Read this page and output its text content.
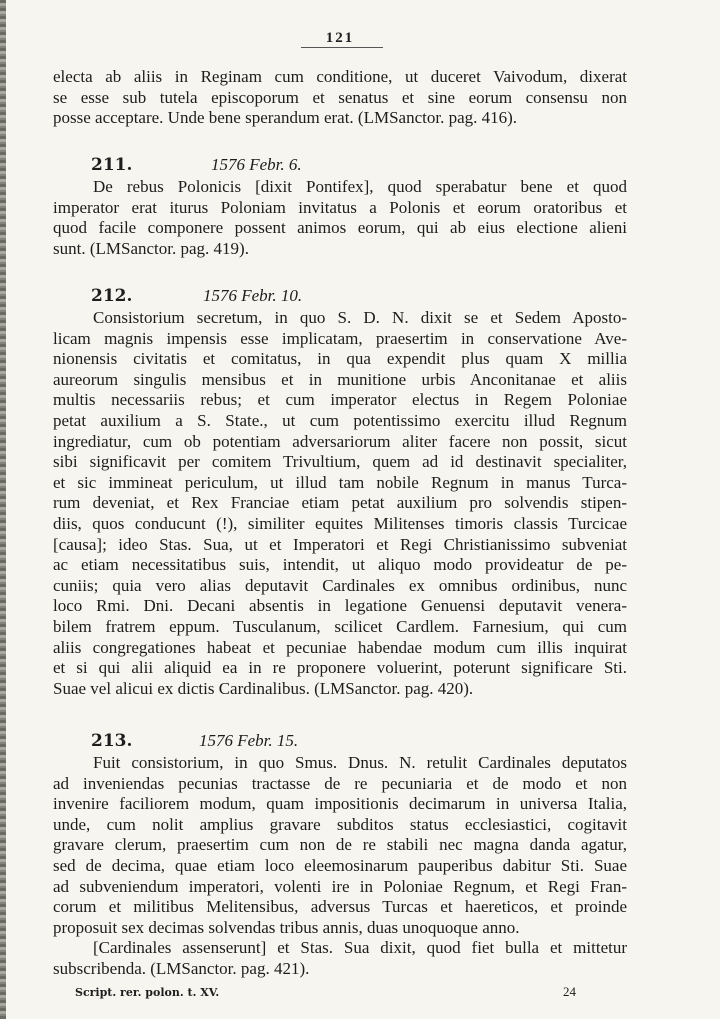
121
electa ab aliis in Reginam cum conditione, ut duceret Vaivodum, dixerat
se esse sub tutela episcoporum et senatus et sine eorum consensu non
posse acceptare. Unde bene sperandum erat. (LMSanctor. pag. 416).
211.	1576 Febr. 6.
De rebus Polonicis [dixit Pontifex], quod sperabatur bene et quod
imperator erat iturus Poloniam invitatus a Polonis et eorum oratoribus et
quod facile componere possent animos eorum, qui ab eius electione alieni
sunt. (LMSanctor. pag. 419).
212.	1576 Febr. 10.
Consistorium secretum, in quo S. D. N. dixit se et Sedem Aposto-
licam magnis impensis esse implicatam, praesertim in conservatione Ave-
nionensis civitatis et comitatus, in qua expendit plus quam X millia
aureorum singulis mensibus et in munitione urbis Anconitanae et aliis
multis necessariis rebus; et cum imperator electus in Regem Poloniae
petat auxilium a S. State., ut cum potentissimo exercitu illud Regnum
ingrediatur, cum ob potentiam adversariorum aliter facere non possit, sicut
sibi significavit per comitem Trivultium, quem ad id destinavit specialiter,
et sic immineat periculum, ut illud tam nobile Regnum in manus Turca-
rum deveniat, et Rex Franciae etiam petat auxilium pro solvendis stipen-
diis, quos conducunt (!), similiter equites Militenses timoris classis Turcicae
[causa]; ideo Stas. Sua, ut et Imperatori et Regi Christianissimo subveniat
ac etiam necessitatibus suis, intendit, ut aliquo modo provideatur de pe-
cuniis; quia vero alias deputavit Cardinales ex omnibus ordinibus, nunc
loco Rmi. Dni. Decani absentis in legatione Genuensi deputavit venera-
bilem fratrem eppum. Tusculanum, scilicet Cardlem. Farnesium, qui cum
aliis congregationes habeat et pecuniae habendae modum cum illis inquirat
et si qui alii aliquid ea in re proponere voluerint, poterunt significare Sti.
Suae vel alicui ex dictis Cardinalibus. (LMSanctor. pag. 420).
213.	1576 Febr. 15.
Fuit consistorium, in quo Smus. Dnus. N. retulit Cardinales deputatos
ad inveniendas pecunias tractasse de re pecuniaria et de modo et non
invenire faciliorem modum, quam impositionis decimarum in universa Italia,
unde, cum nolit amplius gravare subditos status ecclesiastici, cogitavit
gravare clerum, praesertim cum non de re stabili nec magna danda agatur,
sed de decima, quae etiam loco eleemosinarum pauperibus dabitur Sti. Suae
ad subveniendum imperatori, volenti ire in Poloniae Regnum, et Regi Fran-
corum et militibus Melitensibus, adversus Turcas et haereticos, et proinde
proposuit sex decimas solvendas tribus annis, duas unoquoque anno.
[Cardinales assenserunt] et Stas. Sua dixit, quod fiet bulla et mittetur
subscribenda. (LMSanctor. pag. 421).
Script. rer. polon. t. XV.	24
